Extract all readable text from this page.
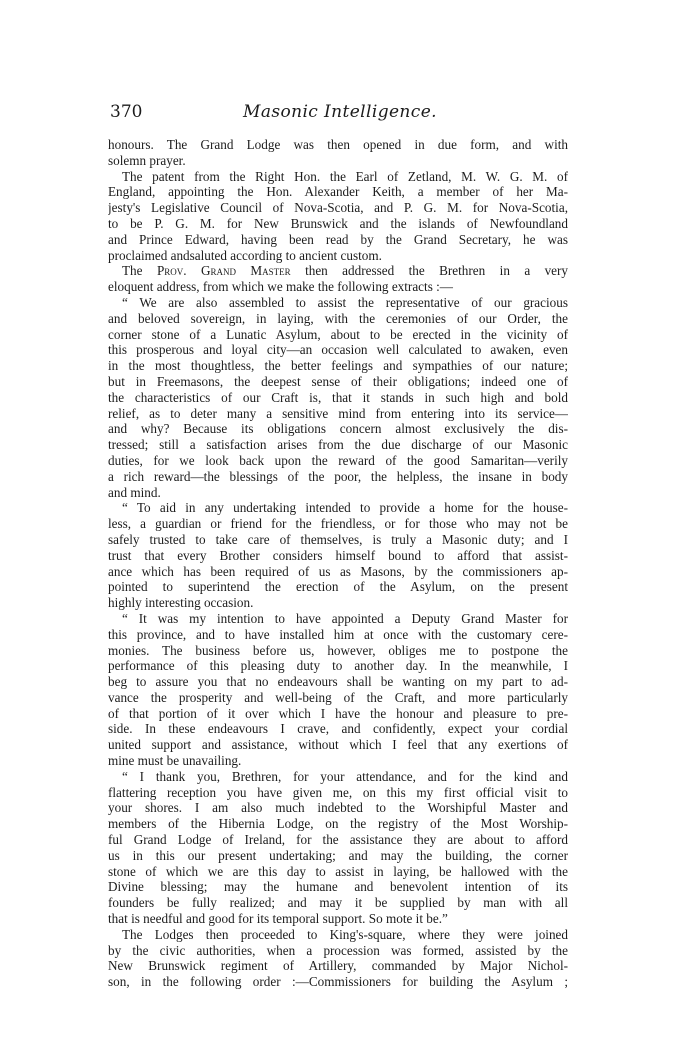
370	Masonic Intelligence.
honours. The Grand Lodge was then opened in due form, and with
solemn prayer.
The patent from the Right Hon. the Earl of Zetland, M. W. G. M. of
England, appointing the Hon. Alexander Keith, a member of her Ma-
jesty's Legislative Council of Nova-Scotia, and P. G. M. for Nova-Scotia,
to be P. G. M. for New Brunswick and the islands of Newfoundland
and Prince Edward, having been read by the Grand Secretary, he was
proclaimed andsaluted according to ancient custom.
The Prov. Grand Master then addressed the Brethren in a very
eloquent address, from which we make the following extracts :—
“ We are also assembled to assist the representative of our gracious
and beloved sovereign, in laying, with the ceremonies of our Order, the
corner stone of a Lunatic Asylum, about to be erected in the vicinity of
this prosperous and loyal city—an occasion well calculated to awaken, even
in the most thoughtless, the better feelings and sympathies of our nature;
but in Freemasons, the deepest sense of their obligations; indeed one of
the characteristics of our Craft is, that it stands in such high and bold
relief, as to deter many a sensitive mind from entering into its service—
and why? Because its obligations concern almost exclusively the dis-
tressed; still a satisfaction arises from the due discharge of our Masonic
duties, for we look back upon the reward of the good Samaritan—verily
a rich reward—the blessings of the poor, the helpless, the insane in body
and mind.
“ To aid in any undertaking intended to provide a home for the house-
less, a guardian or friend for the friendless, or for those who may not be
safely trusted to take care of themselves, is truly a Masonic duty; and I
trust that every Brother considers himself bound to afford that assist-
ance which has been required of us as Masons, by the commissioners ap-
pointed to superintend the erection of the Asylum, on the present
highly interesting occasion.
“ It was my intention to have appointed a Deputy Grand Master for
this province, and to have installed him at once with the customary cere-
monies. The business before us, however, obliges me to postpone the
performance of this pleasing duty to another day. In the meanwhile, I
beg to assure you that no endeavours shall be wanting on my part to ad-
vance the prosperity and well-being of the Craft, and more particularly
of that portion of it over which I have the honour and pleasure to pre-
side. In these endeavours I crave, and confidently, expect your cordial
united support and assistance, without which I feel that any exertions of
mine must be unavailing.
“ I thank you, Brethren, for your attendance, and for the kind and
flattering reception you have given me, on this my first official visit to
your shores. I am also much indebted to the Worshipful Master and
members of the Hibernia Lodge, on the registry of the Most Worship-
ful Grand Lodge of Ireland, for the assistance they are about to afford
us in this our present undertaking; and may the building, the corner
stone of which we are this day to assist in laying, be hallowed with the
Divine blessing; may the humane and benevolent intention of its
founders be fully realized; and may it be supplied by man with all
that is needful and good for its temporal support. So mote it be.”
The Lodges then proceeded to King's-square, where they were joined
by the civic authorities, when a procession was formed, assisted by the
New Brunswick regiment of Artillery, commanded by Major Nichol-
son, in the following order :—Commissioners for building the Asylum ;
